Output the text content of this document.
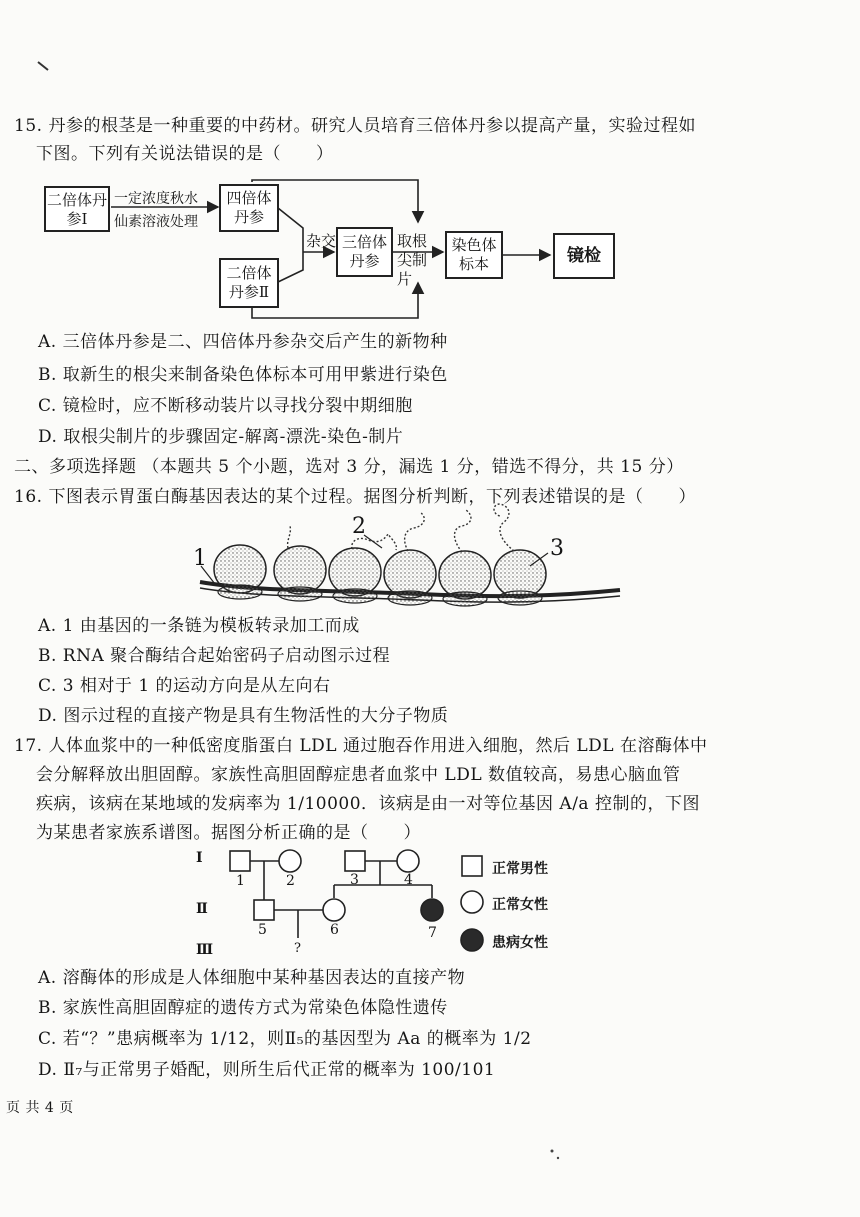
15. 丹参的根茎是一种重要的中药材。研究人员培育三倍体丹参以提高产量，实验过程如
下图。下列有关说法错误的是（　　）
二倍体丹参Ⅰ
一定浓度秋水
仙素溶液处理
四倍体丹参
二倍体丹参Ⅱ
杂交 三倍体丹参
取根尖制片
染色体标本	镜检
A. 三倍体丹参是二、四倍体丹参杂交后产生的新物种
B. 取新生的根尖来制备染色体标本可用甲紫进行染色
C. 镜检时，应不断移动装片以寻找分裂中期细胞
D. 取根尖制片的步骤固定-解离-漂洗-染色-制片
二、多项选择题 （本题共 5 个小题，选对 3 分，漏选 1 分，错选不得分，共 15 分）
16. 下图表示胃蛋白酶基因表达的某个过程。据图分析判断，下列表述错误的是（　　）
1
2
3
A. 1 由基因的一条链为模板转录加工而成
B. RNA 聚合酶结合起始密码子启动图示过程
C. 3 相对于 1 的运动方向是从左向右
D. 图示过程的直接产物是具有生物活性的大分子物质
17. 人体血浆中的一种低密度脂蛋白 LDL 通过胞吞作用进入细胞，然后 LDL 在溶酶体中
会分解释放出胆固醇。家族性高胆固醇症患者血浆中 LDL 数值较高，易患心脑血管
疾病，该病在某地域的发病率为 1/10000．该病是由一对等位基因 A/a 控制的，下图
为某患者家族系谱图。据图分析正确的是（　　）
Ⅰ
Ⅱ
Ⅲ
1	2	3	4
5	6	7
?
正常男性
正常女性
患病女性
A. 溶酶体的形成是人体细胞中某种基因表达的直接产物
B. 家族性高胆固醇症的遗传方式为常染色体隐性遗传
C. 若“？”患病概率为 1/12，则Ⅱ₅的基因型为 Aa 的概率为 1/2
D. Ⅱ₇与正常男子婚配，则所生后代正常的概率为 100/101
页 共 4 页
